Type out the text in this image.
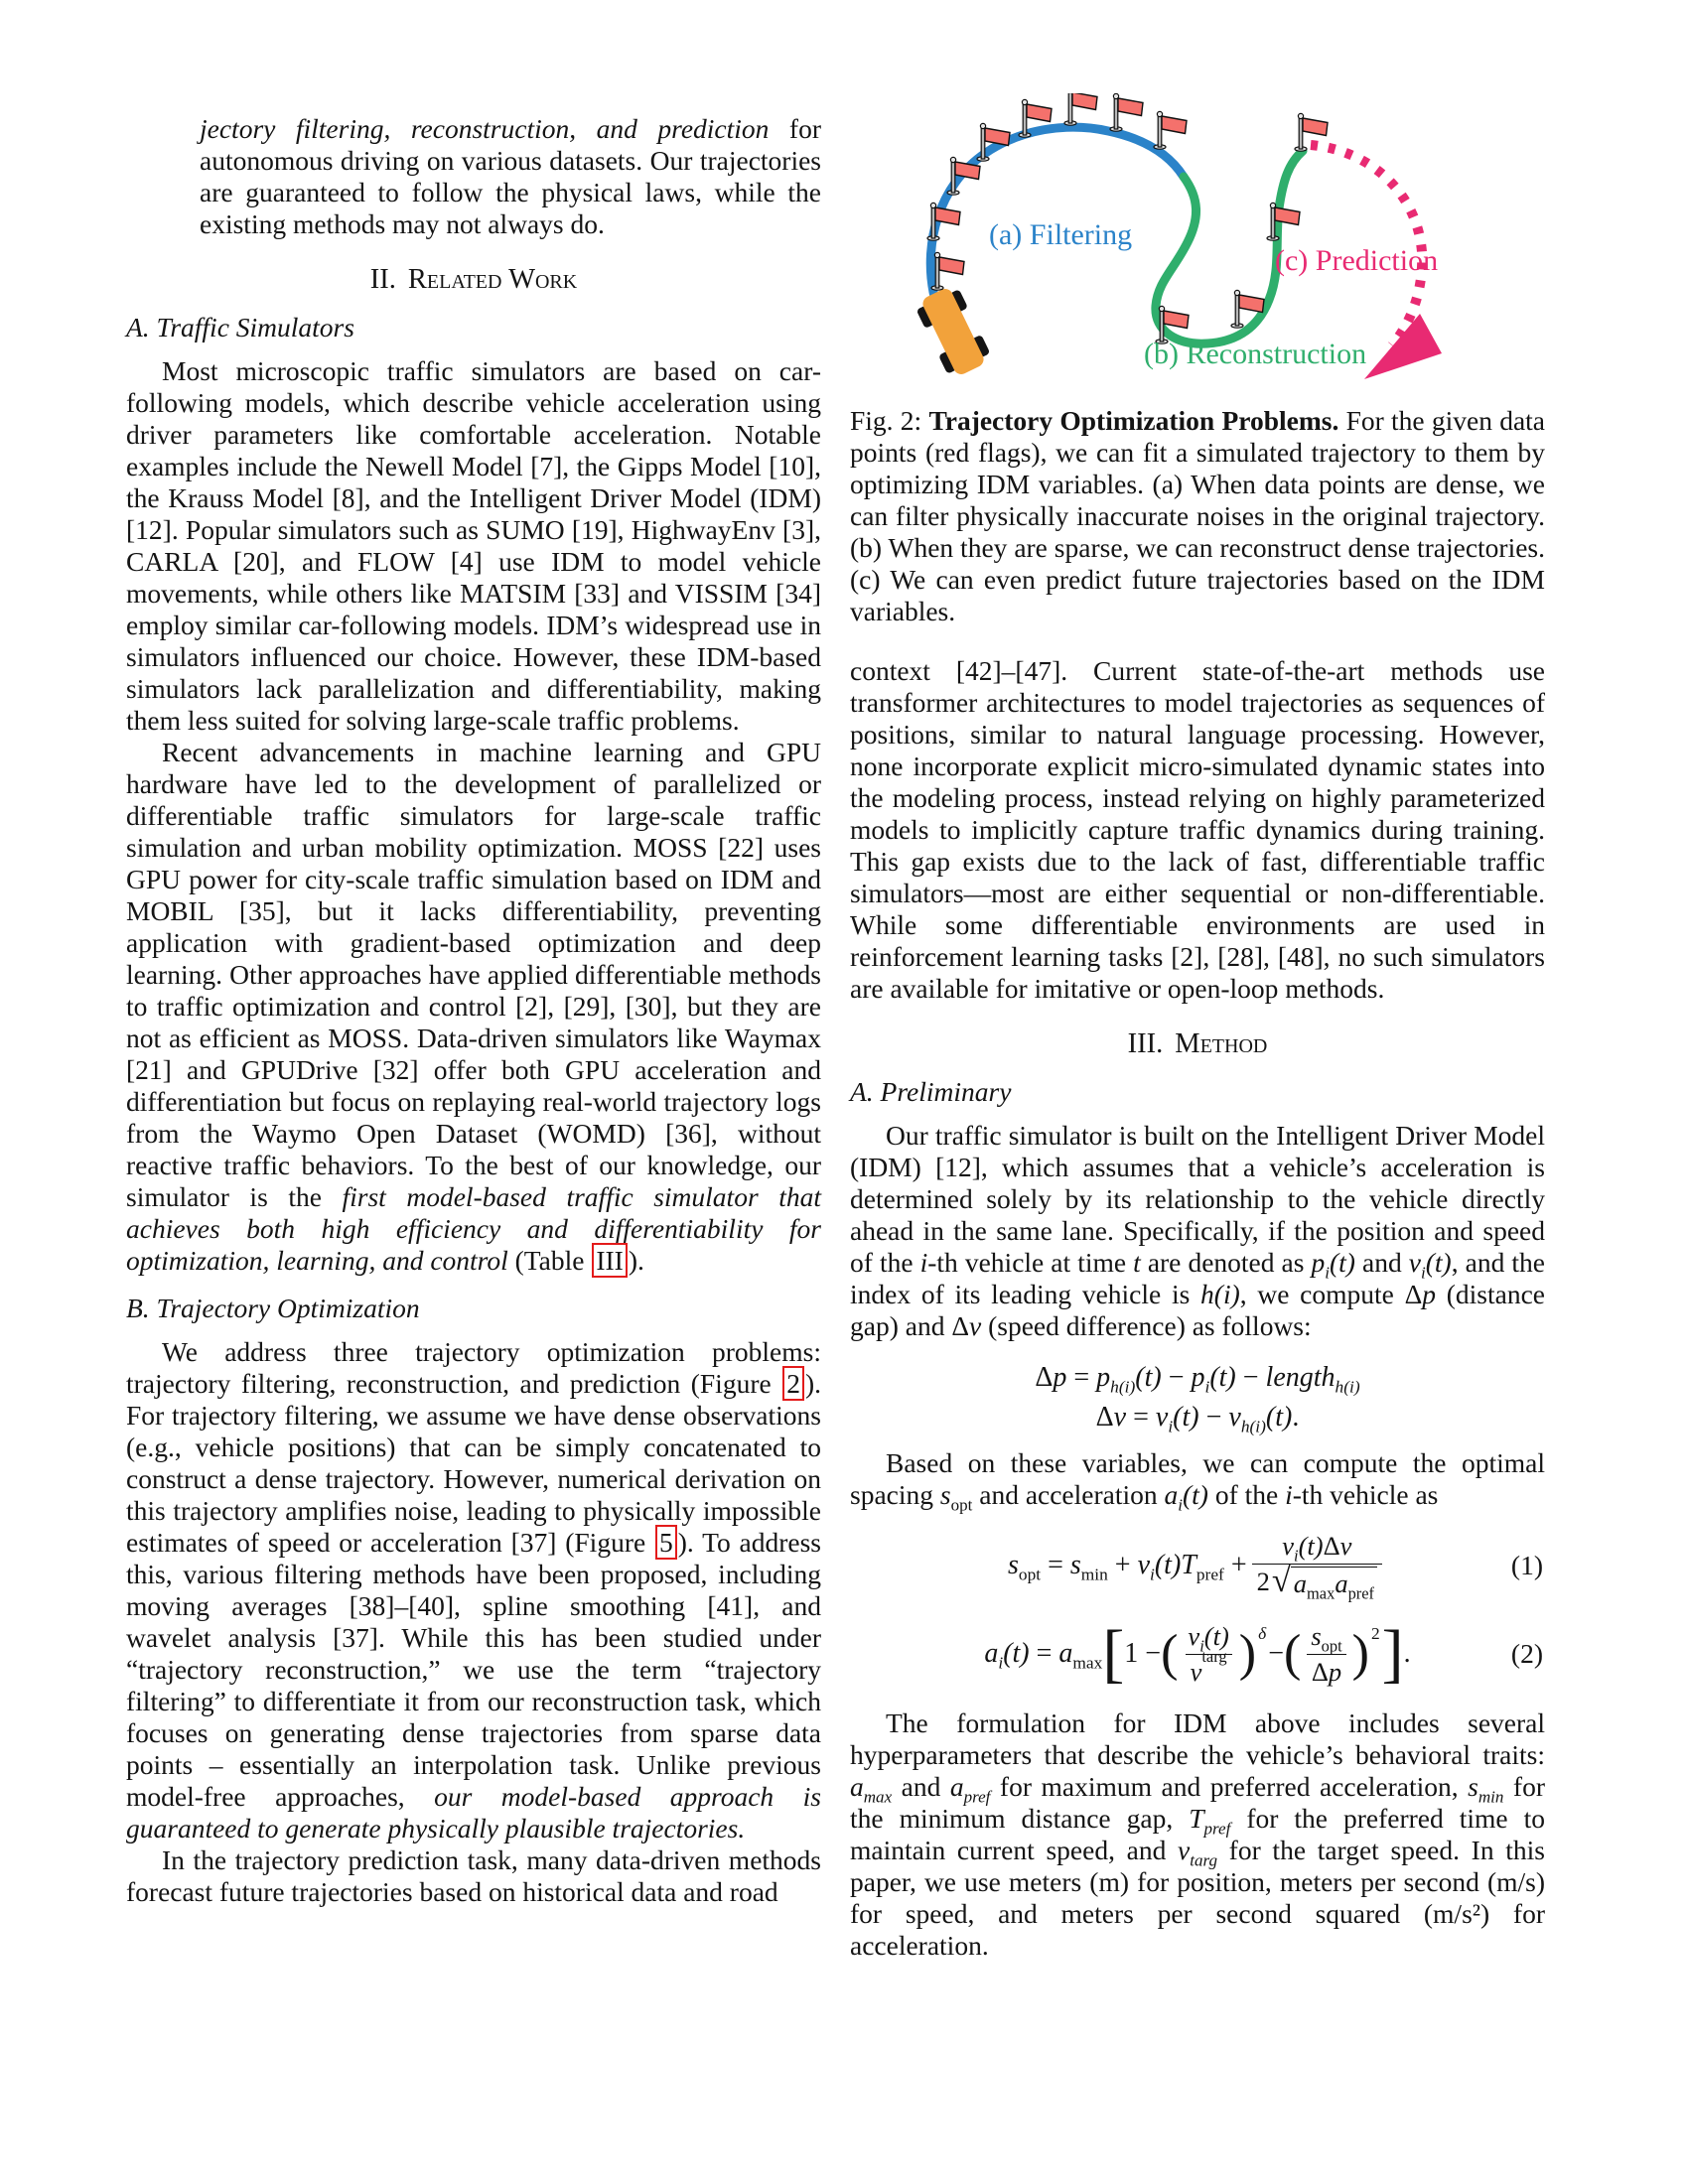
jectory filtering, reconstruction, and prediction for autonomous driving on various datasets. Our trajectories are guaranteed to follow the physical laws, while the existing methods may not always do.
II. Related Work
A. Traffic Simulators

Most microscopic traffic simulators are based on car-following models, which describe vehicle acceleration using driver parameters like comfortable acceleration. Notable examples include the Newell Model [7], the Gipps Model [10], the Krauss Model [8], and the Intelligent Driver Model (IDM) [12]. Popular simulators such as SUMO [19], HighwayEnv [3], CARLA [20], and FLOW [4] use IDM to model vehicle movements, while others like MATSIM [33] and VISSIM [34] employ similar car-following models. IDM’s widespread use in simulators influenced our choice. However, these IDM-based simulators lack parallelization and differentiability, making them less suited for solving large-scale traffic problems.

Recent advancements in machine learning and GPU hardware have led to the development of parallelized or differentiable traffic simulators for large-scale traffic simulation and urban mobility optimization. MOSS [22] uses GPU power for city-scale traffic simulation based on IDM and MOBIL [35], but it lacks differentiability, preventing application with gradient-based optimization and deep learning. Other approaches have applied differentiable methods to traffic optimization and control [2], [29], [30], but they are not as efficient as MOSS. Data-driven simulators like Waymax [21] and GPUDrive [32] offer both GPU acceleration and differentiation but focus on replaying real-world trajectory logs from the Waymo Open Dataset (WOMD) [36], without reactive traffic behaviors. To the best of our knowledge, our simulator is the first model-based traffic simulator that achieves both high efficiency and differentiability for optimization, learning, and control (Table III ).

B. Trajectory Optimization

We address three trajectory optimization problems: trajectory filtering, reconstruction, and prediction (Figure 2 ). For trajectory filtering, we assume we have dense observations (e.g., vehicle positions) that can be simply concatenated to construct a dense trajectory. However, numerical derivation on this trajectory amplifies noise, leading to physically impossible estimates of speed or acceleration [37] (Figure 5 ). To address this, various filtering methods have been proposed, including moving averages [38]–[40], spline smoothing [41], and wavelet analysis [37]. While this has been studied under “trajectory reconstruction,” we use the term “trajectory filtering” to differentiate it from our reconstruction task, which focuses on generating dense trajectories from sparse data points – essentially an interpolation task. Unlike previous model-free approaches, our model-based approach is guaranteed to generate physically plausible trajectories.

In the trajectory prediction task, many data-driven methods forecast future trajectories based on historical data and road

(a) Filtering
(b) Reconstruction
(c) Prediction

Fig. 2: Trajectory Optimization Problems. For the given data points (red flags), we can fit a simulated trajectory to them by optimizing IDM variables. (a) When data points are dense, we can filter physically inaccurate noises in the original trajectory. (b) When they are sparse, we can reconstruct dense trajectories. (c) We can even predict future trajectories based on the IDM variables.

context [42]–[47]. Current state-of-the-art methods use transformer architectures to model trajectories as sequences of positions, similar to natural language processing. However, none incorporate explicit micro-simulated dynamic states into the modeling process, instead relying on highly parameterized models to implicitly capture traffic dynamics during training. This gap exists due to the lack of fast, differentiable traffic simulators—most are either sequential or non-differentiable. While some differentiable environments are used in reinforcement learning tasks [2], [28], [48], no such simulators are available for imitative or open-loop methods.

III. Method
A. Preliminary

Our traffic simulator is built on the Intelligent Driver Model (IDM) [12], which assumes that a vehicle’s acceleration is determined solely by its relationship to the vehicle directly ahead in the same lane. Specifically, if the position and speed of the i-th vehicle at time t are denoted as $p_i(t)$ and $v_i(t)$, and the index of its leading vehicle is h(i), we compute Δp (distance gap) and Δv (speed difference) as follows:

$\Delta p = p_{h(i)}(t) - p_i(t)$ − length$_{h(i)}$

$\Delta v = v_i(t) - v_{h(i)}(t)$.

Based on these variables, we can compute the optimal spacing $s_{opt}$ and acceleration $a_i(t)$ of the i-th vehicle as

$s_{opt} = s_{min} + v_i(t)T_{pref} + \frac{v_i(t)\Delta v}{2 √ a_{max}a_{pref}}$	(1)
$a_i(t) = a_{max}$ [ 1 − ( $v_i(t)$
v
targ ) δ
− ( $\frac{s_{opt}}{\text{Δ p}}$ ) 2 ] .	(2)

The formulation for IDM above includes several hyperparameters that describe the vehicle’s behavioral traits: $a_{max}$ and $a_{pref}$ for maximum and preferred acceleration, $s_{min}$ for the minimum distance gap, $T_{pref}$ for the preferred time to maintain current speed, and $v_{targ}$ for the target speed. In this paper, we use meters (m) for position, meters per second (m/s) for speed, and meters per second squared (m/s²) for acceleration.
